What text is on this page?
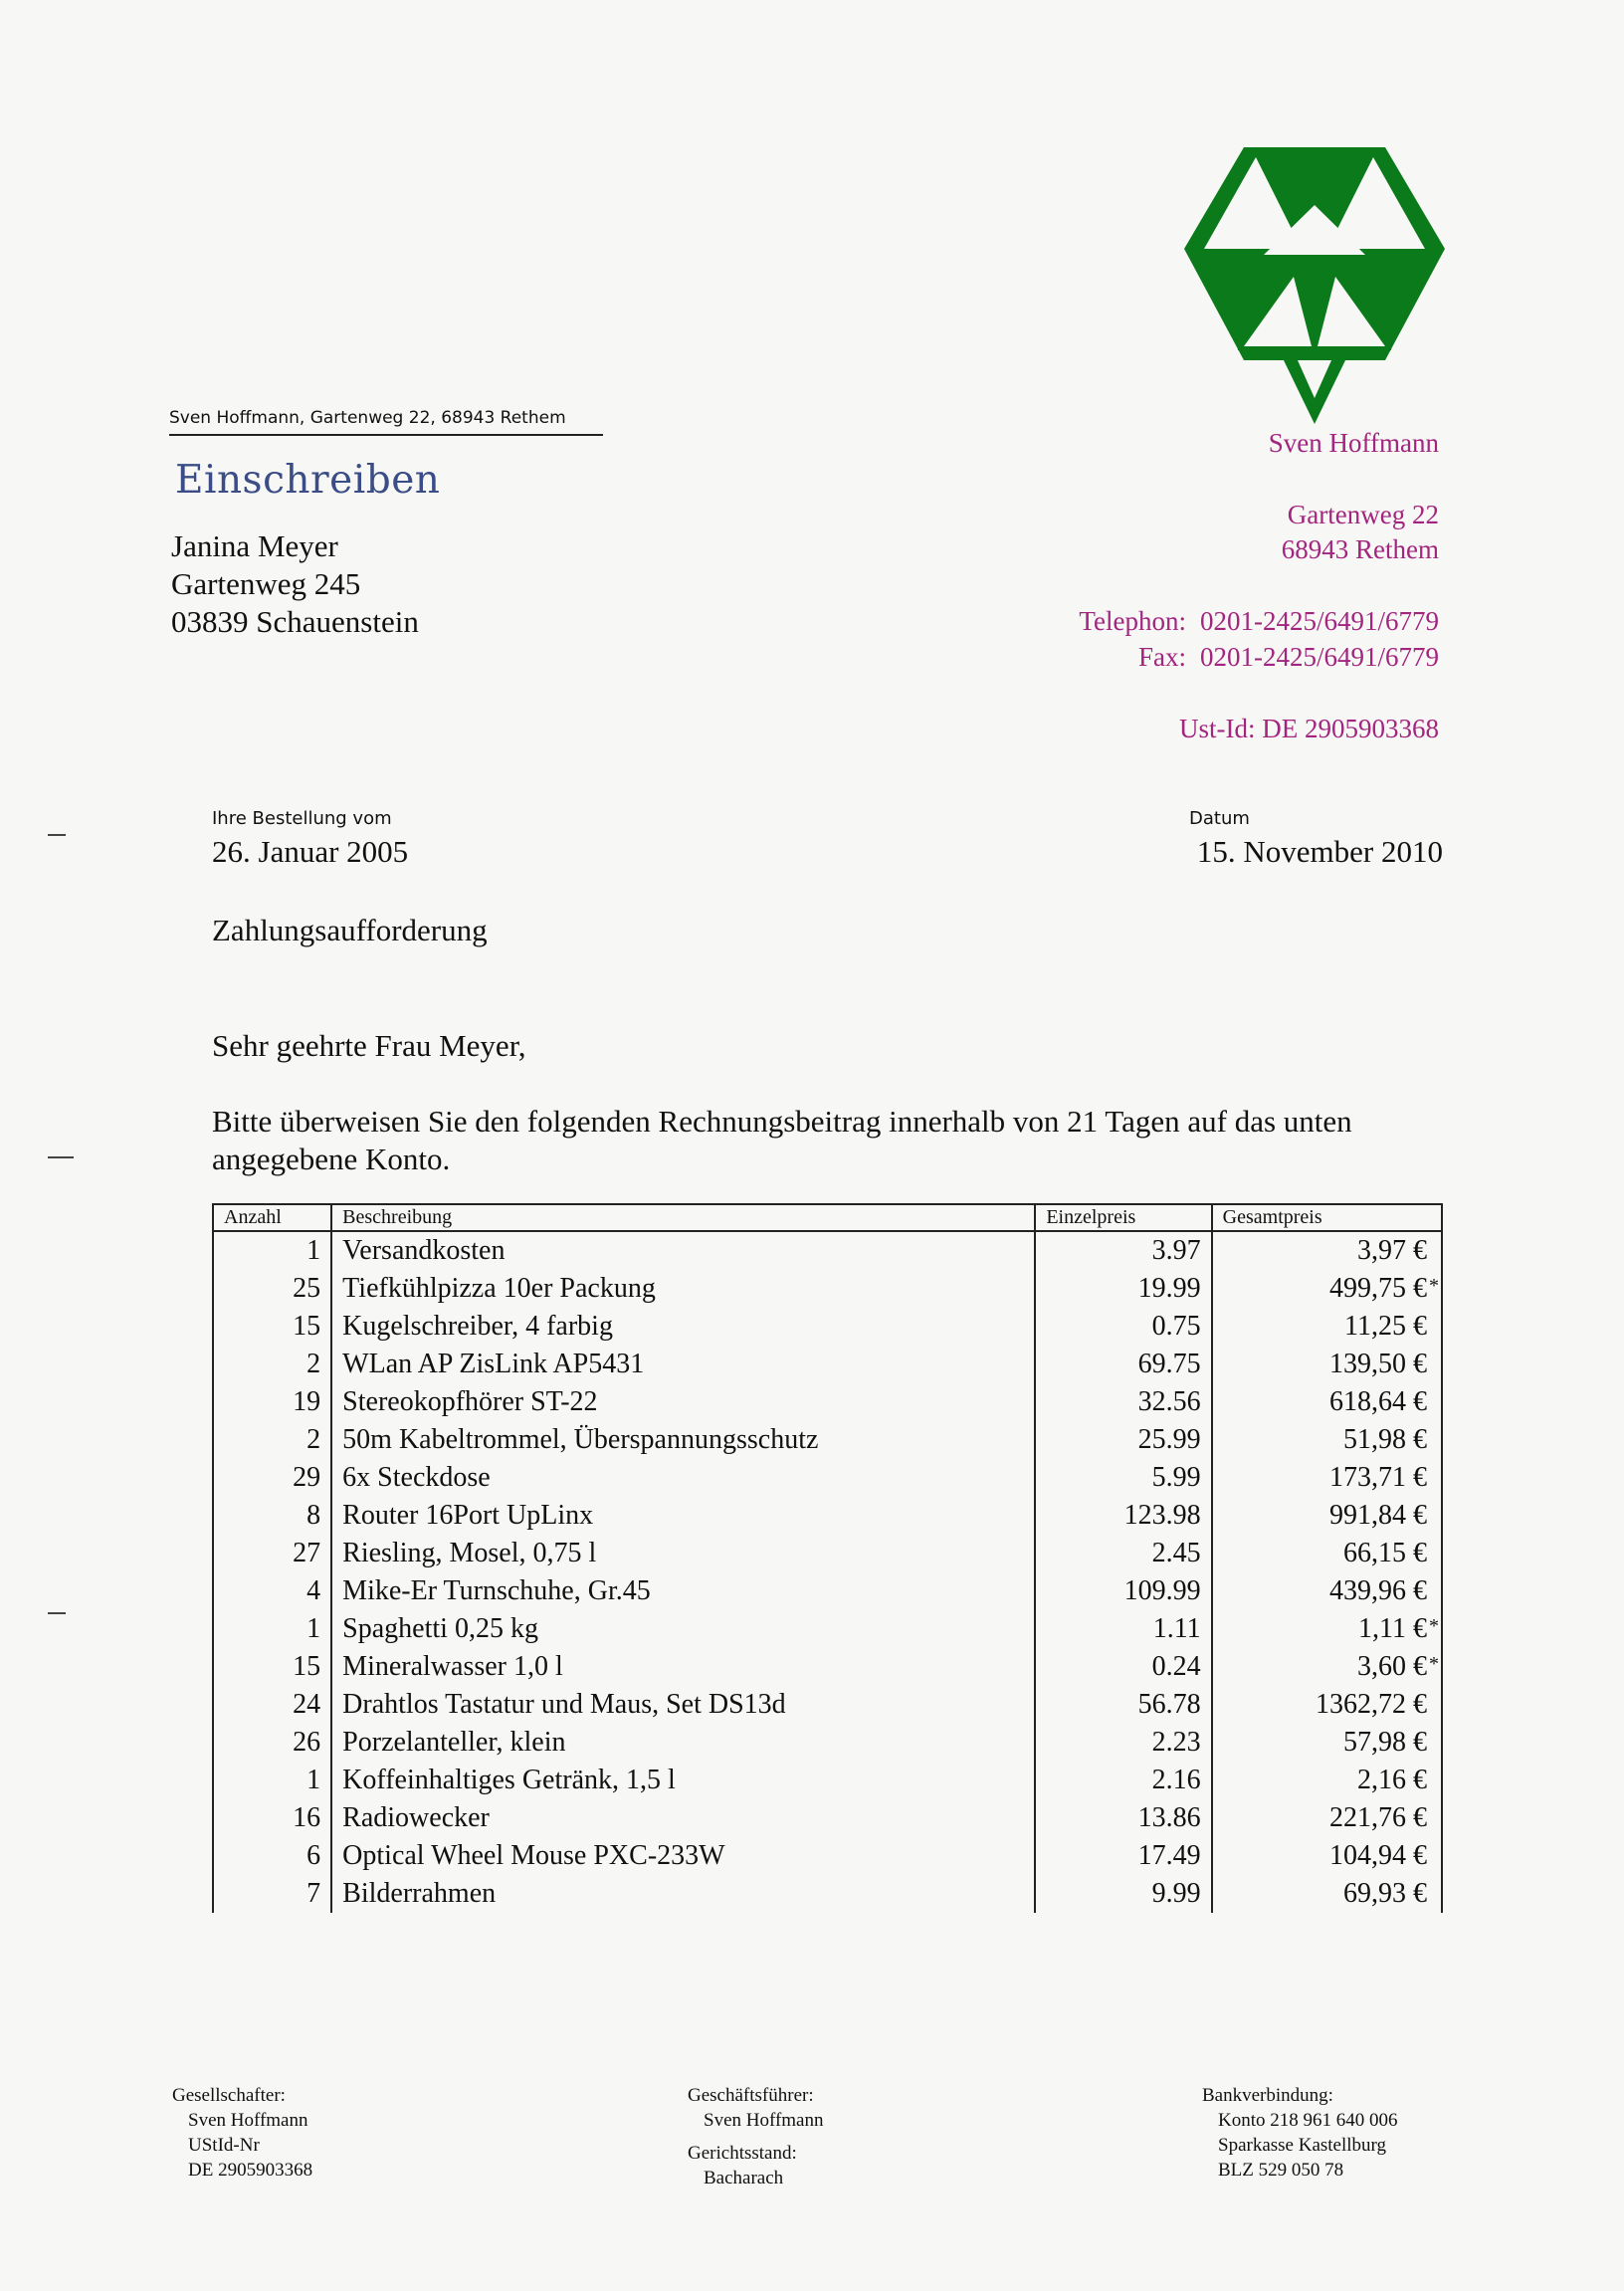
Sven Hoffmann, Gartenweg 22, 68943 Rethem
Einschreiben
Janina Meyer
Gartenweg 245
03839 Schauenstein
Sven Hoffmann
Gartenweg 22
68943 Rethem
Telephon: 0201-2425/6491/6779
Fax: 0201-2425/6491/6779
Ust-Id: DE 2905903368
Ihre Bestellung vom
26. Januar 2005
Datum
15. November 2010
Zahlungsaufforderung
Sehr geehrte Frau Meyer,
Bitte überweisen Sie den folgenden Rechnungsbeitrag innerhalb von 21 Tagen auf das unten angegebene Konto.
Anzahl	Beschreibung	Einzelpreis	Gesamtpreis
1	Versandkosten	3.97	3,97 €
25	Tiefkühlpizza 10er Packung	19.99	499,75 € *

15	Kugelschreiber, 4 farbig	0.75	11,25 €
2	WLan AP ZisLink AP5431	69.75	139,50 €
19	Stereokopfhörer ST-22	32.56	618,64 €
2	50m Kabeltrommel, Überspannungsschutz	25.99	51,98 €
29	6x Steckdose	5.99	173,71 €
8	Router 16Port UpLinx	123.98	991,84 €
27	Riesling, Mosel, 0,75 l	2.45	66,15 €
4	Mike-Er Turnschuhe, Gr.45	109.99	439,96 €
1	Spaghetti 0,25 kg	1.11	1,11 € *

15	Mineralwasser 1,0 l	0.24	3,60 € *

24	Drahtlos Tastatur und Maus, Set DS13d	56.78	1362,72 €
26	Porzelanteller, klein	2.23	57,98 €
1	Koffeinhaltiges Getränk, 1,5 l	2.16	2,16 €
16	Radiowecker	13.86	221,76 €
6	Optical Wheel Mouse PXC-233W	17.49	104,94 €
7	Bilderrahmen	9.99	69,93 €
Gesellschafter:
Sven Hoffmann
UStId-Nr
DE 2905903368
Geschäftsführer:
Sven Hoffmann
Gerichtsstand:
Bacharach
Bankverbindung:
Konto 218 961 640 006
Sparkasse Kastellburg
BLZ 529 050 78
